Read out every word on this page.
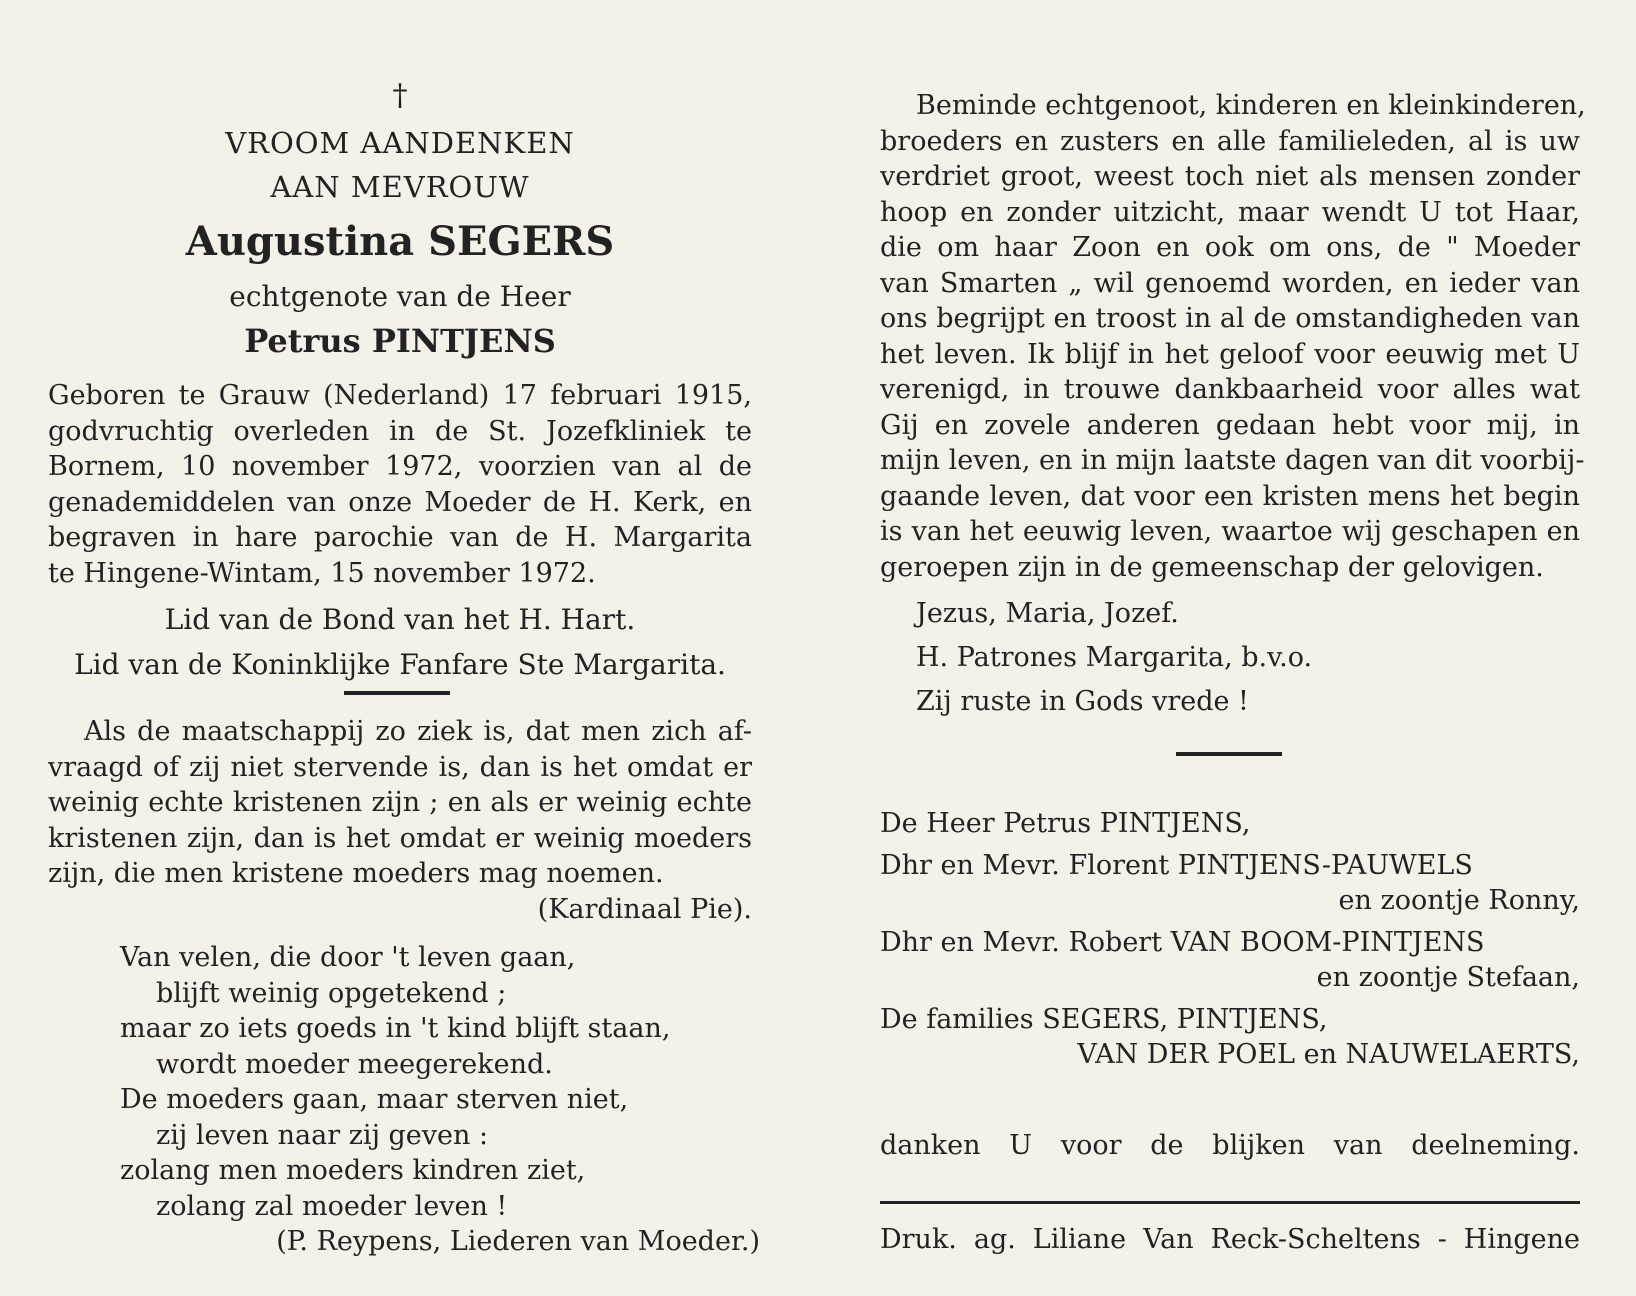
†
VROOM AANDENKEN
AAN MEVROUW
Augustina SEGERS
echtgenote van de Heer
Petrus PINTJENS
Geboren te Grauw (Nederland) 17 februari 1915,
godvruchtig overleden in de St. Jozefkliniek te
Bornem, 10 november 1972, voorzien van al de
genademiddelen van onze Moeder de H. Kerk, en
begraven in hare parochie van de H. Margarita
te Hingene-Wintam, 15 november 1972.
Lid van de Bond van het H. Hart.
Lid van de Koninklijke Fanfare Ste Margarita.
Als de maatschappij zo ziek is, dat men zich af-
vraagd of zij niet stervende is, dan is het omdat er
weinig echte kristenen zijn ; en als er weinig echte
kristenen zijn, dan is het omdat er weinig moeders
zijn, die men kristene moeders mag noemen.
(Kardinaal Pie).
Van velen, die door 't leven gaan,
blijft weinig opgetekend ;
maar zo iets goeds in 't kind blijft staan,
wordt moeder meegerekend.
De moeders gaan, maar sterven niet,
zij leven naar zij geven :
zolang men moeders kindren ziet,
zolang zal moeder leven !
(P. Reypens, Liederen van Moeder.)
Beminde echtgenoot, kinderen en kleinkinderen,
broeders en zusters en alle familieleden, al is uw
verdriet groot, weest toch niet als mensen zonder
hoop en zonder uitzicht, maar wendt U tot Haar,
die om haar Zoon en ook om ons, de " Moeder
van Smarten „ wil genoemd worden, en ieder van
ons begrijpt en troost in al de omstandigheden van
het leven. Ik blijf in het geloof voor eeuwig met U
verenigd, in trouwe dankbaarheid voor alles wat
Gij en zovele anderen gedaan hebt voor mij, in
mijn leven, en in mijn laatste dagen van dit voorbij-
gaande leven, dat voor een kristen mens het begin
is van het eeuwig leven, waartoe wij geschapen en
geroepen zijn in de gemeenschap der gelovigen.
Jezus, Maria, Jozef.
H. Patrones Margarita, b.v.o.
Zij ruste in Gods vrede !
De Heer Petrus PINTJENS,
Dhr en Mevr. Florent PINTJENS-PAUWELS
en zoontje Ronny,
Dhr en Mevr. Robert VAN BOOM-PINTJENS
en zoontje Stefaan,
De families SEGERS, PINTJENS,
VAN DER POEL en NAUWELAERTS,
danken U voor de blijken van deelneming.
Druk. ag. Liliane Van Reck-Scheltens - Hingene
